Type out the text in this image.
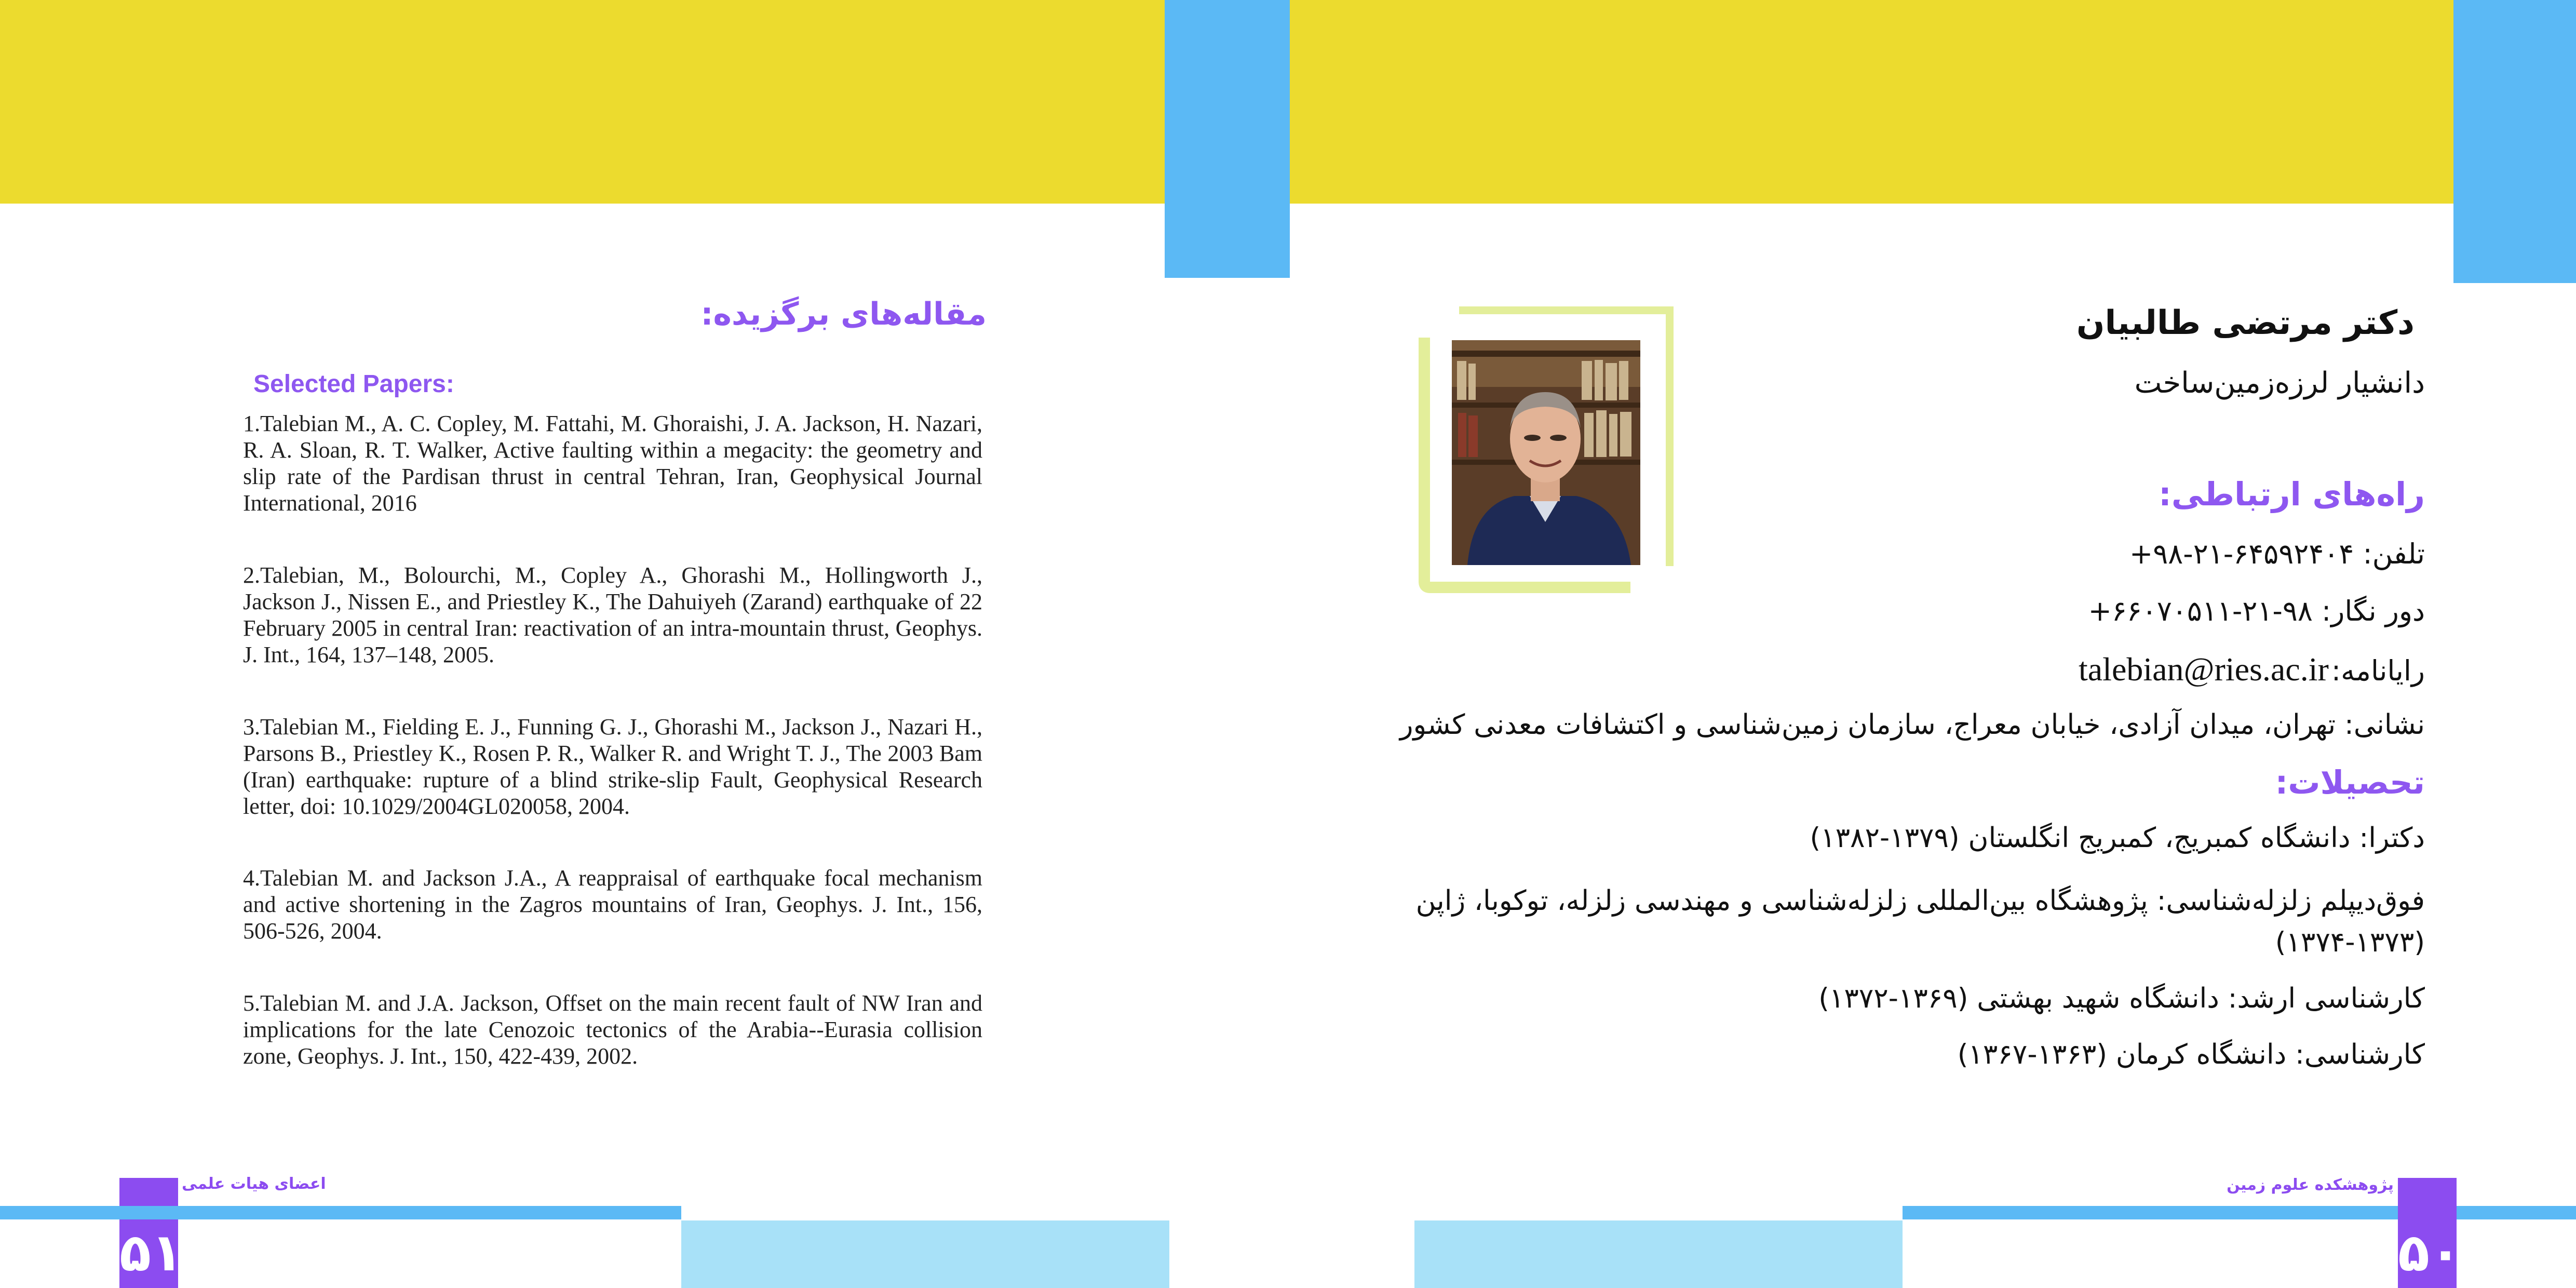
مقاله‌های برگزیده:
Selected Papers:
1.Talebian M., A. C. Copley, M. Fattahi, M. Ghoraishi, J. A. Jackson, H. Nazari, R. A. Sloan, R. T. Walker, Active faulting within a megacity: the geometry and slip rate of the Pardisan thrust in central Tehran, Iran, Geophysical Journal International, 2016
2.Talebian, M., Bolourchi, M., Copley A., Ghorashi M., Hollingworth J., Jackson J., Nissen E., and Priestley K., The Dahuiyeh (Zarand) earthquake of 22 February 2005 in central Iran: reactivation of an intra-mountain thrust, Geophys. J. Int., 164, 137–148, 2005.
3.Talebian M., Fielding E. J., Funning G. J., Ghorashi M., Jackson J., Nazari H., Parsons B., Priestley K., Rosen P. R., Walker R. and Wright T. J., The 2003 Bam (Iran) earthquake: rupture of a blind strike-slip Fault, Geophysical Research letter, doi: 10.1029/2004GL020058, 2004.
4.Talebian M. and Jackson J.A., A reappraisal of earthquake focal mechanism and active shortening in the Zagros mountains of Iran, Geophys. J. Int., 156, 506-526, 2004.
5.Talebian M. and J.A. Jackson, Offset on the main recent fault of NW Iran and implications for the late Cenozoic tectonics of the Arabia--Eurasia collision zone, Geophys. J. Int., 150, 422-439, 2002.
اعضای هیات علمی
۵۱
دکتر مرتضی طالبیان
دانشیار لرزه‌زمین‌ساخت
راه‌های ارتباطی:
تلفن: ۶۴۵۹۲۴۰۴-۲۱-۹۸+
دور نگار: ۹۸-۲۱-۶۶۰۷۰۵۱۱+
رایانامه: talebian@ries.ac.ir
نشانی: تهران، میدان آزادی، خیابان معراج، سازمان زمین‌شناسی و اکتشافات معدنی کشور
تحصیلات:
دکترا: دانشگاه کمبریج، کمبریج انگلستان (۱۳۷۹-۱۳۸۲)
فوق‌دیپلم زلزله‌شناسی: پژوهشگاه بین‌المللی زلزله‌شناسی و مهندسی زلزله، توکوبا، ژاپن (۱۳۷۳-۱۳۷۴)
کارشناسی ارشد: دانشگاه شهید بهشتی (۱۳۶۹-۱۳۷۲)
کارشناسی: دانشگاه کرمان (۱۳۶۳-۱۳۶۷)
پژوهشکده علوم زمین
۵۰
